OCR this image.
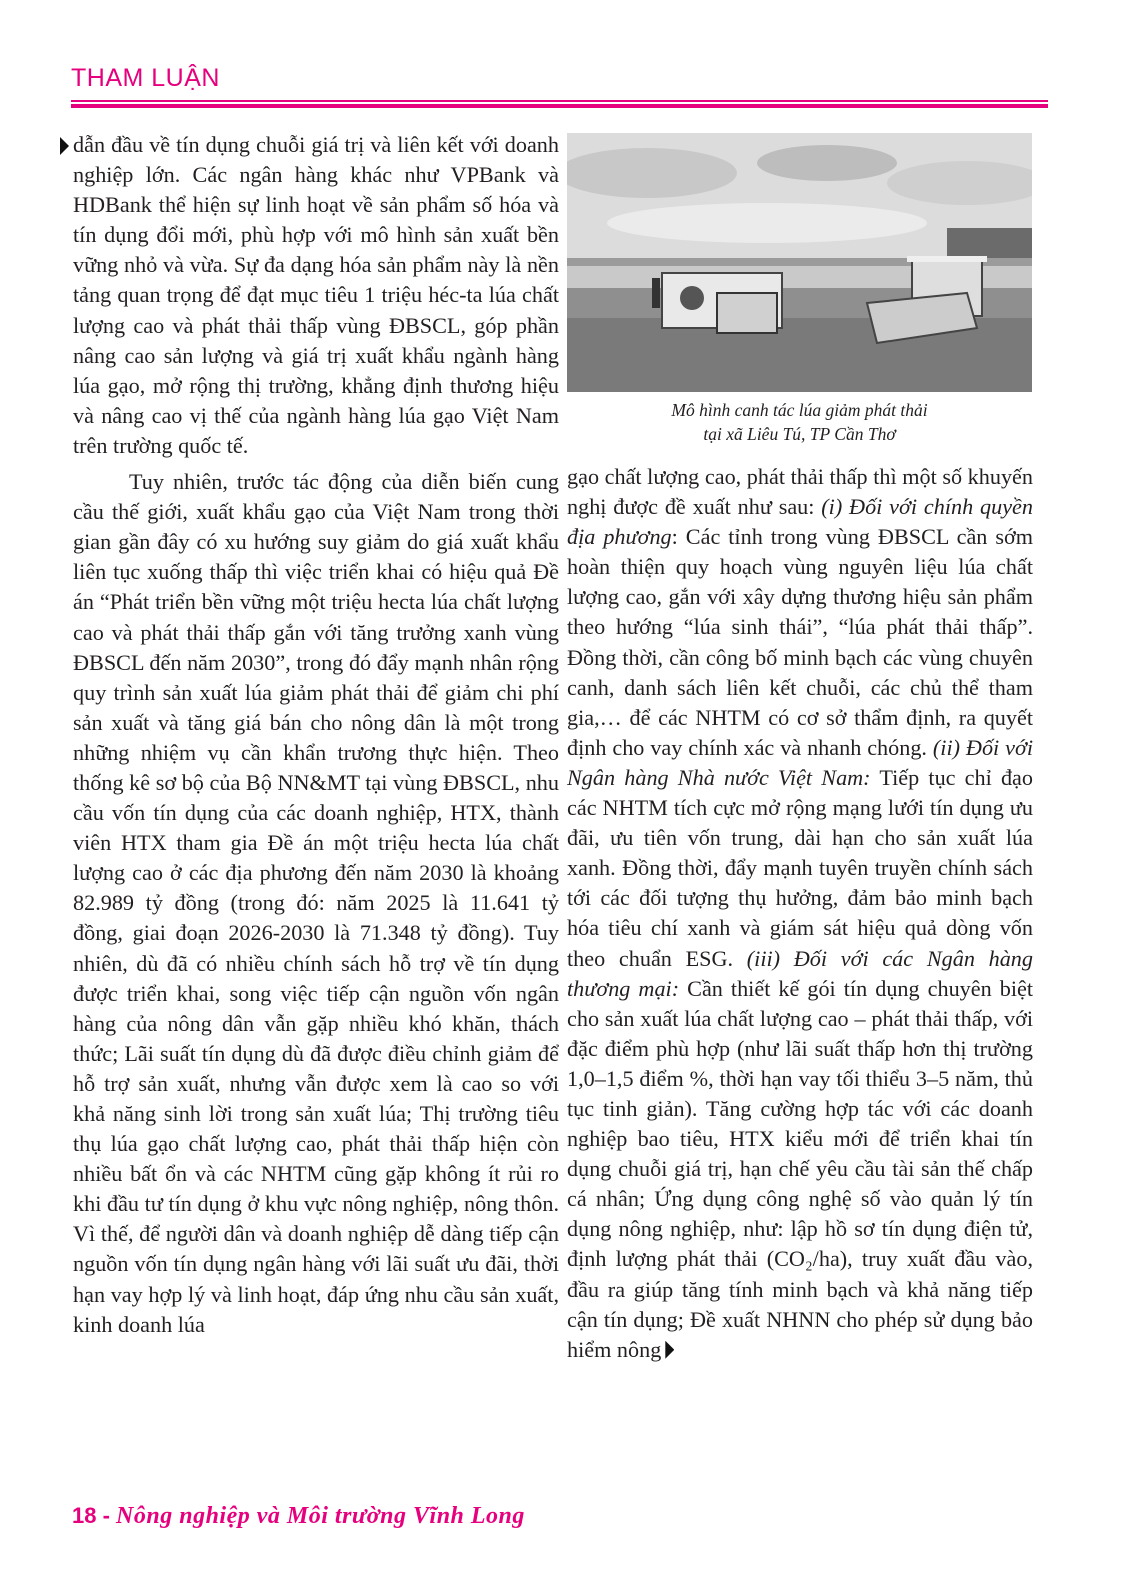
THAM LUẬN

dẫn đầu về tín dụng chuỗi giá trị và liên kết với doanh nghiệp lớn. Các ngân hàng khác như VPBank và HDBank thể hiện sự linh hoạt về sản phẩm số hóa và tín dụng đổi mới, phù hợp với mô hình sản xuất bền vững nhỏ và vừa. Sự đa dạng hóa sản phẩm này là nền tảng quan trọng để đạt mục tiêu 1 triệu héc-ta lúa chất lượng cao và phát thải thấp vùng ĐBSCL, góp phần nâng cao sản lượng và giá trị xuất khẩu ngành hàng lúa gạo, mở rộng thị trường, khẳng định thương hiệu và nâng cao vị thế của ngành hàng lúa gạo Việt Nam trên trường quốc tế.

Tuy nhiên, trước tác động của diễn biến cung cầu thế giới, xuất khẩu gạo của Việt Nam trong thời gian gần đây có xu hướng suy giảm do giá xuất khẩu liên tục xuống thấp thì việc triển khai có hiệu quả Đề án “Phát triển bền vững một triệu hecta lúa chất lượng cao và phát thải thấp gắn với tăng trưởng xanh vùng ĐBSCL đến năm 2030”, trong đó đẩy mạnh nhân rộng quy trình sản xuất lúa giảm phát thải để giảm chi phí sản xuất và tăng giá bán cho nông dân là một trong những nhiệm vụ cần khẩn trương thực hiện. Theo thống kê sơ bộ của Bộ NN&MT tại vùng ĐBSCL, nhu cầu vốn tín dụng của các doanh nghiệp, HTX, thành viên HTX tham gia Đề án một triệu hecta lúa chất lượng cao ở các địa phương đến năm 2030 là khoảng 82.989 tỷ đồng (trong đó: năm 2025 là 11.641 tỷ đồng, giai đoạn 2026-2030 là 71.348 tỷ đồng). Tuy nhiên, dù đã có nhiều chính sách hỗ trợ về tín dụng được triển khai, song việc tiếp cận nguồn vốn ngân hàng của nông dân vẫn gặp nhiều khó khăn, thách thức; Lãi suất tín dụng dù đã được điều chỉnh giảm để hỗ trợ sản xuất, nhưng vẫn được xem là cao so với khả năng sinh lời trong sản xuất lúa; Thị trường tiêu thụ lúa gạo chất lượng cao, phát thải thấp hiện còn nhiều bất ổn và các NHTM cũng gặp không ít rủi ro khi đầu tư tín dụng ở khu vực nông nghiệp, nông thôn. Vì thế, để người dân và doanh nghiệp dễ dàng tiếp cận nguồn vốn tín dụng ngân hàng với lãi suất ưu đãi, thời hạn vay hợp lý và linh hoạt, đáp ứng nhu cầu sản xuất, kinh doanh lúa

Mô hình canh tác lúa giảm phát thải
tại xã Liêu Tú, TP Cần Thơ

gạo chất lượng cao, phát thải thấp thì một số khuyến nghị được đề xuất như sau: (i) Đối với chính quyền địa phương: Các tỉnh trong vùng ĐBSCL cần sớm hoàn thiện quy hoạch vùng nguyên liệu lúa chất lượng cao, gắn với xây dựng thương hiệu sản phẩm theo hướng “lúa sinh thái”, “lúa phát thải thấp”. Đồng thời, cần công bố minh bạch các vùng chuyên canh, danh sách liên kết chuỗi, các chủ thể tham gia,… để các NHTM có cơ sở thẩm định, ra quyết định cho vay chính xác và nhanh chóng. (ii) Đối với Ngân hàng Nhà nước Việt Nam: Tiếp tục chỉ đạo các NHTM tích cực mở rộng mạng lưới tín dụng ưu đãi, ưu tiên vốn trung, dài hạn cho sản xuất lúa xanh. Đồng thời, đẩy mạnh tuyên truyền chính sách tới các đối tượng thụ hưởng, đảm bảo minh bạch hóa tiêu chí xanh và giám sát hiệu quả dòng vốn theo chuẩn ESG. (iii) Đối với các Ngân hàng thương mại: Cần thiết kế gói tín dụng chuyên biệt cho sản xuất lúa chất lượng cao – phát thải thấp, với đặc điểm phù hợp (như lãi suất thấp hơn thị trường 1,0–1,5 điểm %, thời hạn vay tối thiểu 3–5 năm, thủ tục tinh giản). Tăng cường hợp tác với các doanh nghiệp bao tiêu, HTX kiểu mới để triển khai tín dụng chuỗi giá trị, hạn chế yêu cầu tài sản thế chấp cá nhân; Ứng dụng công nghệ số vào quản lý tín dụng nông nghiệp, như: lập hồ sơ tín dụng điện tử, định lượng phát thải (CO₂/ha), truy xuất đầu vào, đầu ra giúp tăng tính minh bạch và khả năng tiếp cận tín dụng; Đề xuất NHNN cho phép sử dụng bảo hiểm nông

18 - Nông nghiệp và Môi trường Vĩnh Long
